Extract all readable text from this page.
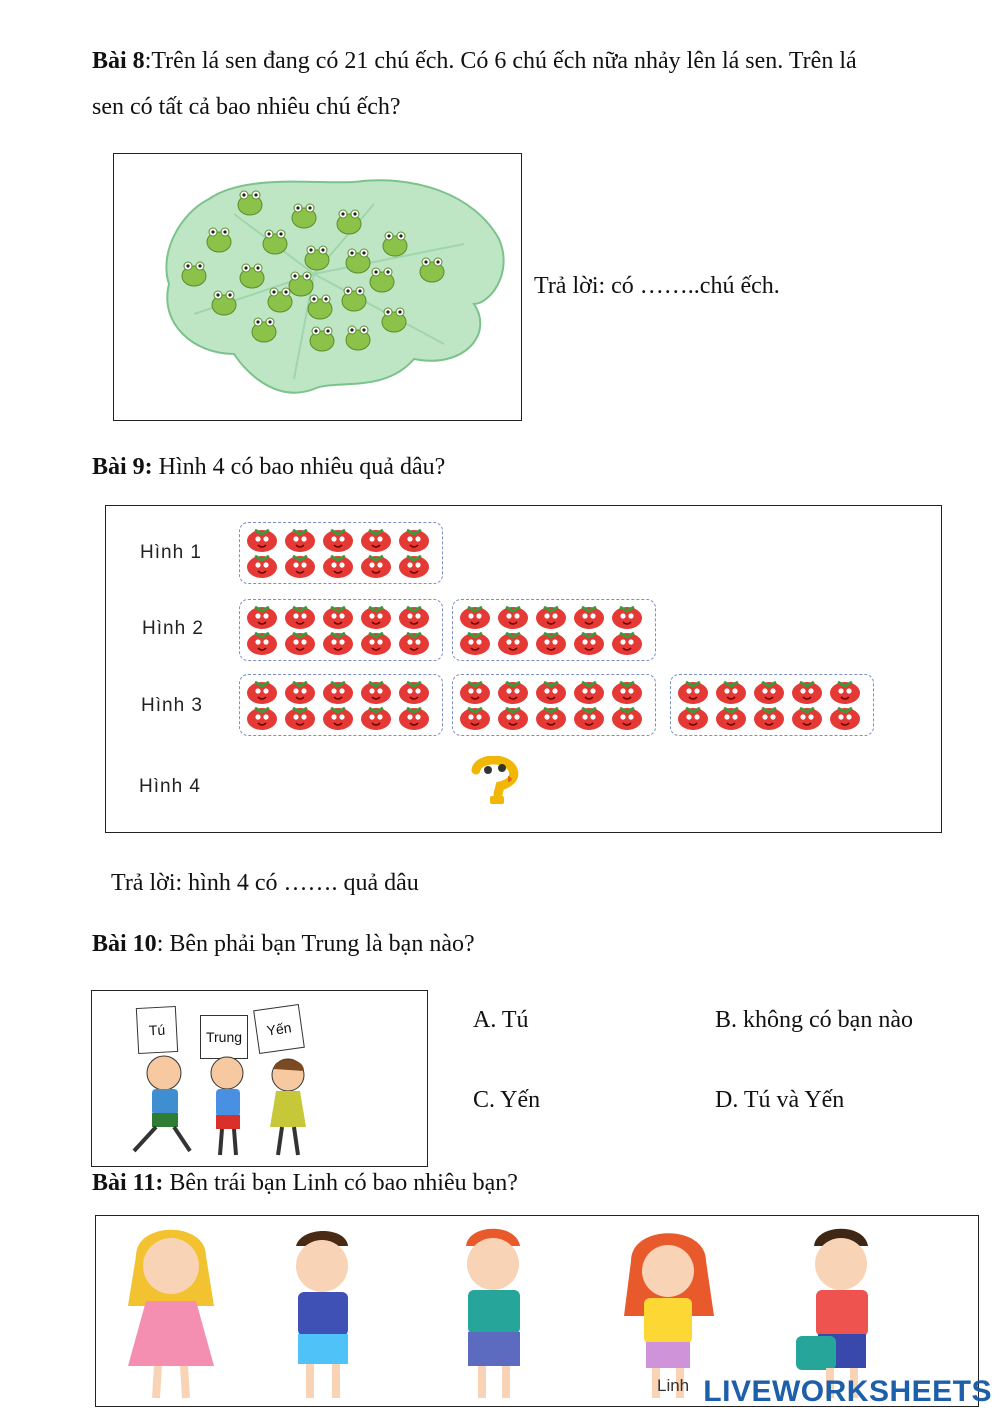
Bài 8:Trên lá sen đang có 21 chú ếch. Có 6 chú ếch nữa nhảy lên lá sen. Trên lá
sen có tất cả bao nhiêu chú ếch?
Trả lời: có ……..chú ếch.
Bài 9: Hình 4 có bao nhiêu quả dâu?
Hình 1
Hình 2
Hình 3
Hình 4
Trả lời: hình 4 có ……. quả dâu
Bài 10: Bên phải bạn Trung là bạn nào?
Tú	Trung	Yến	A. Tú	B. không có bạn nào
C. Yến	D. Tú và Yến
Bài 11: Bên trái bạn Linh có bao nhiêu bạn?
Linh LIVEWORKSHEETS
